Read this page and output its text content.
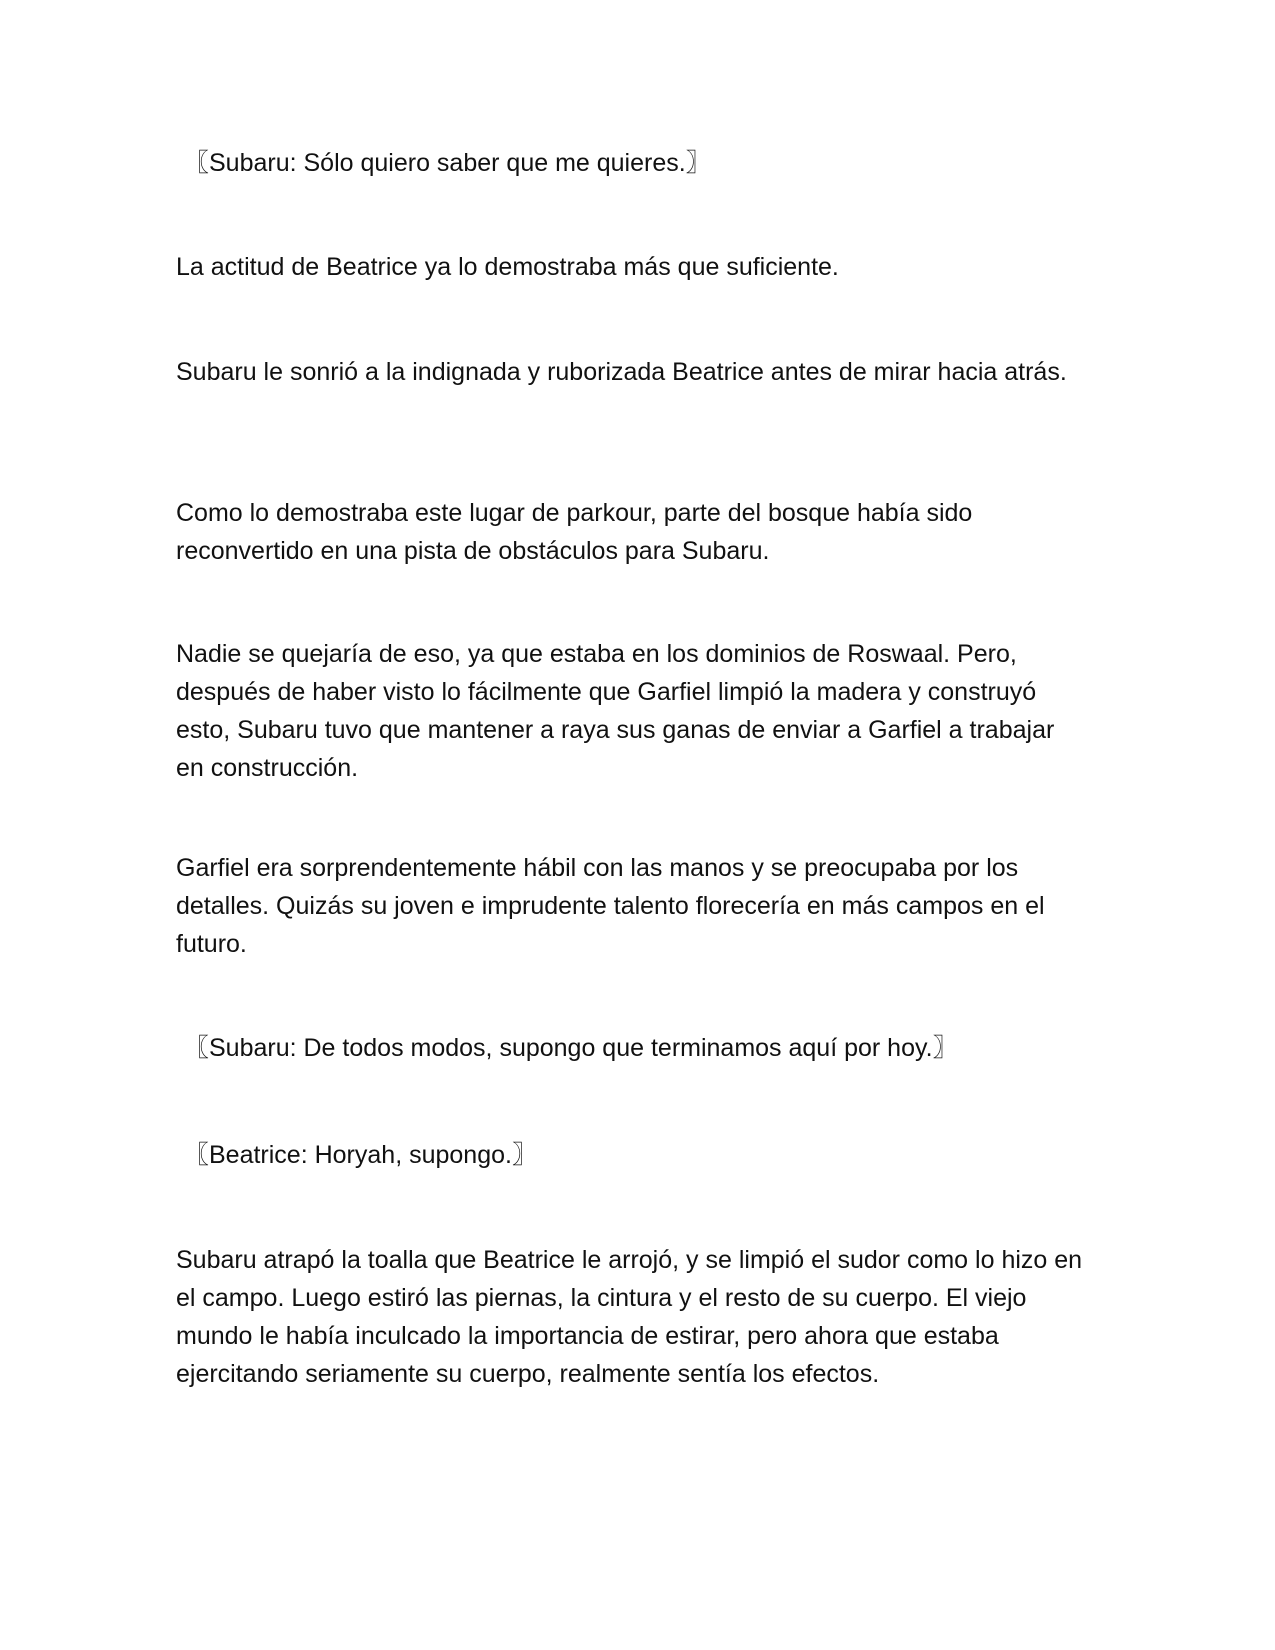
〖Subaru: Sólo quiero saber que me quieres.〗

La actitud de Beatrice ya lo demostraba más que suficiente.

Subaru le sonrió a la indignada y ruborizada Beatrice antes de mirar hacia atrás.

Como lo demostraba este lugar de parkour, parte del bosque había sido reconvertido en una pista de obstáculos para Subaru.

Nadie se quejaría de eso, ya que estaba en los dominios de Roswaal. Pero, después de haber visto lo fácilmente que Garfiel limpió la madera y construyó esto, Subaru tuvo que mantener a raya sus ganas de enviar a Garfiel a trabajar en construcción.

Garfiel era sorprendentemente hábil con las manos y se preocupaba por los detalles. Quizás su joven e imprudente talento florecería en más campos en el futuro.

〖Subaru: De todos modos, supongo que terminamos aquí por hoy.〗

〖Beatrice: Horyah, supongo.〗

Subaru atrapó la toalla que Beatrice le arrojó, y se limpió el sudor como lo hizo en el campo. Luego estiró las piernas, la cintura y el resto de su cuerpo. El viejo mundo le había inculcado la importancia de estirar, pero ahora que estaba ejercitando seriamente su cuerpo, realmente sentía los efectos.
